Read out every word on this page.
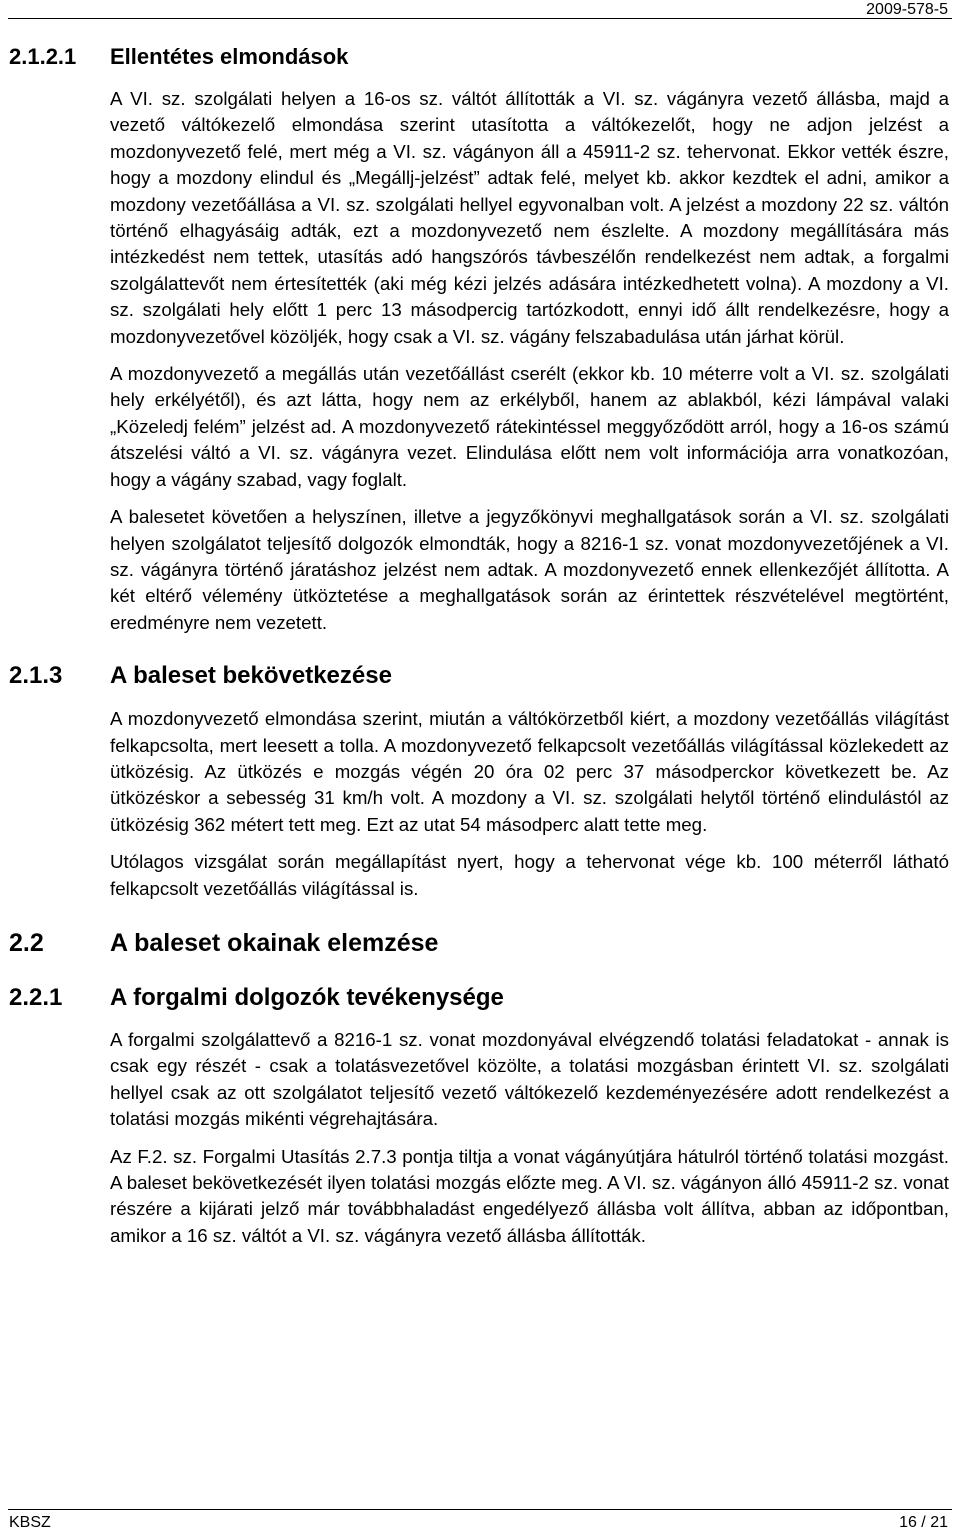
2009-578-5
2.1.2.1	Ellentétes elmondások

A VI. sz. szolgálati helyen a 16-os sz. váltót állították a VI. sz. vágányra vezető állásba, majd a vezető váltókezelő elmondása szerint utasította a váltókezelőt, hogy ne adjon jelzést a mozdonyvezető felé, mert még a VI. sz. vágányon áll a 45911-2 sz. tehervonat. Ekkor vették észre, hogy a mozdony elindul és „Megállj-jelzést” adtak felé, melyet kb. akkor kezdtek el adni, amikor a mozdony vezetőállása a VI. sz. szolgálati hellyel egyvonalban volt. A jelzést a mozdony 22 sz. váltón történő elhagyásáig adták, ezt a mozdonyvezető nem észlelte. A mozdony megállítására más intézkedést nem tettek, utasítás adó hangszórós távbeszélőn rendelkezést nem adtak, a forgalmi szolgálattevőt nem értesítették (aki még kézi jelzés adására intézkedhetett volna). A mozdony a VI. sz. szolgálati hely előtt 1 perc 13 másodpercig tartózkodott, ennyi idő állt rendelkezésre, hogy a mozdonyvezetővel közöljék, hogy csak a VI. sz. vágány felszabadulása után járhat körül.

A mozdonyvezető a megállás után vezetőállást cserélt (ekkor kb. 10 méterre volt a VI. sz. szolgálati hely erkélyétől), és azt látta, hogy nem az erkélyből, hanem az ablakból, kézi lámpával valaki „Közeledj felém” jelzést ad. A mozdonyvezető rátekintéssel meggyőződött arról, hogy a 16-os számú átszelési váltó a VI. sz. vágányra vezet. Elindulása előtt nem volt információja arra vonatkozóan, hogy a vágány szabad, vagy foglalt.

A balesetet követően a helyszínen, illetve a jegyzőkönyvi meghallgatások során a VI. sz. szolgálati helyen szolgálatot teljesítő dolgozók elmondták, hogy a 8216-1 sz. vonat mozdonyvezetőjének a VI. sz. vágányra történő járatáshoz jelzést nem adtak. A mozdonyvezető ennek ellenkezőjét állította. A két eltérő vélemény ütköztetése a meghallgatások során az érintettek részvételével megtörtént, eredményre nem vezetett.

2.1.3	A baleset bekövetkezése

A mozdonyvezető elmondása szerint, miután a váltókörzetből kiért, a mozdony vezetőállás világítást felkapcsolta, mert leesett a tolla. A mozdonyvezető felkapcsolt vezetőállás világítással közlekedett az ütközésig. Az ütközés e mozgás végén 20 óra 02 perc 37 másodperckor következett be. Az ütközéskor a sebesség 31 km/h volt. A mozdony a VI. sz. szolgálati helytől történő elindulástól az ütközésig 362 métert tett meg. Ezt az utat 54 másodperc alatt tette meg.

Utólagos vizsgálat során megállapítást nyert, hogy a tehervonat vége kb. 100 méterről látható felkapcsolt vezetőállás világítással is.

2.2	A baleset okainak elemzése
2.2.1	A forgalmi dolgozók tevékenysége

A forgalmi szolgálattevő a 8216-1 sz. vonat mozdonyával elvégzendő tolatási feladatokat - annak is csak egy részét - csak a tolatásvezetővel közölte, a tolatási mozgásban érintett VI. sz. szolgálati hellyel csak az ott szolgálatot teljesítő vezető váltókezelő kezdeményezésére adott rendelkezést a tolatási mozgás mikénti végrehajtására.

Az F.2. sz. Forgalmi Utasítás 2.7.3 pontja tiltja a vonat vágányútjára hátulról történő tolatási mozgást. A baleset bekövetkezését ilyen tolatási mozgás előzte meg. A VI. sz. vágányon álló 45911-2 sz. vonat részére a kijárati jelző már továbbhaladást engedélyező állásba volt állítva, abban az időpontban, amikor a 16 sz. váltót a VI. sz. vágányra vezető állásba állították.

KBSZ	16 / 21
